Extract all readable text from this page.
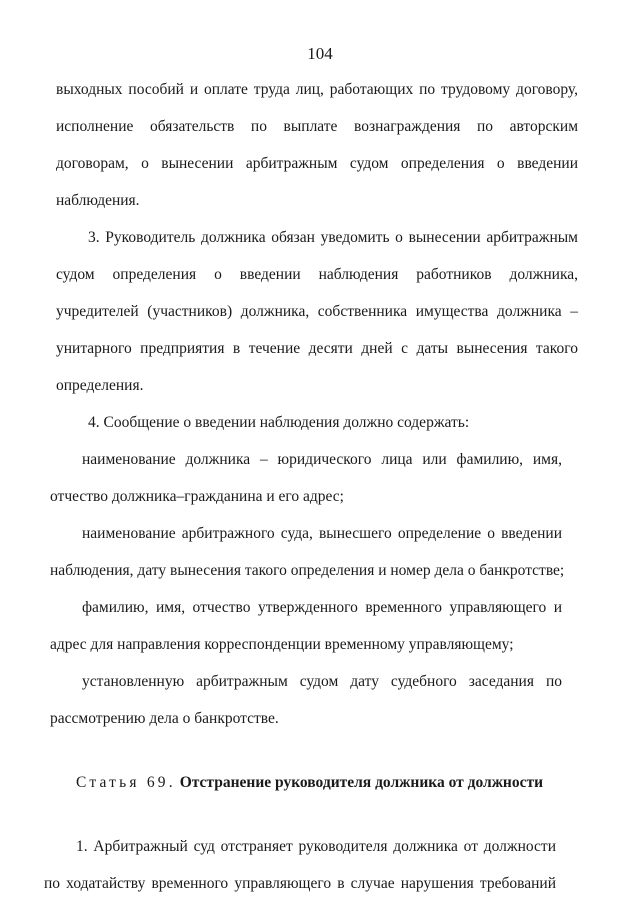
104

выходных пособий и оплате труда лиц, работающих по трудовому договору,

исполнение обязательств по выплате вознаграждения по авторским

договорам, о вынесении арбитражным судом определения о введении

наблюдения.

3. Руководитель должника обязан уведомить о вынесении арбитражным

судом определения о введении наблюдения работников должника,

учредителей (участников) должника, собственника имущества должника –

унитарного предприятия в течение десяти дней с даты вынесения такого

определения.

4. Сообщение о введении наблюдения должно содержать:

наименование должника – юридического лица или фамилию, имя,

отчество должника–гражданина и его адрес;

наименование арбитражного суда, вынесшего определение о введении

наблюдения, дату вынесения такого определения и номер дела о банкротстве;

фамилию, имя, отчество утвержденного временного управляющего и

адрес для направления корреспонденции временному управляющему;

установленную арбитражным судом дату судебного заседания по

рассмотрению дела о банкротстве.

Статья 69. Отстранение руководителя должника от должности

1. Арбитражный суд отстраняет руководителя должника от должности

по ходатайству временного управляющего в случае нарушения требований
